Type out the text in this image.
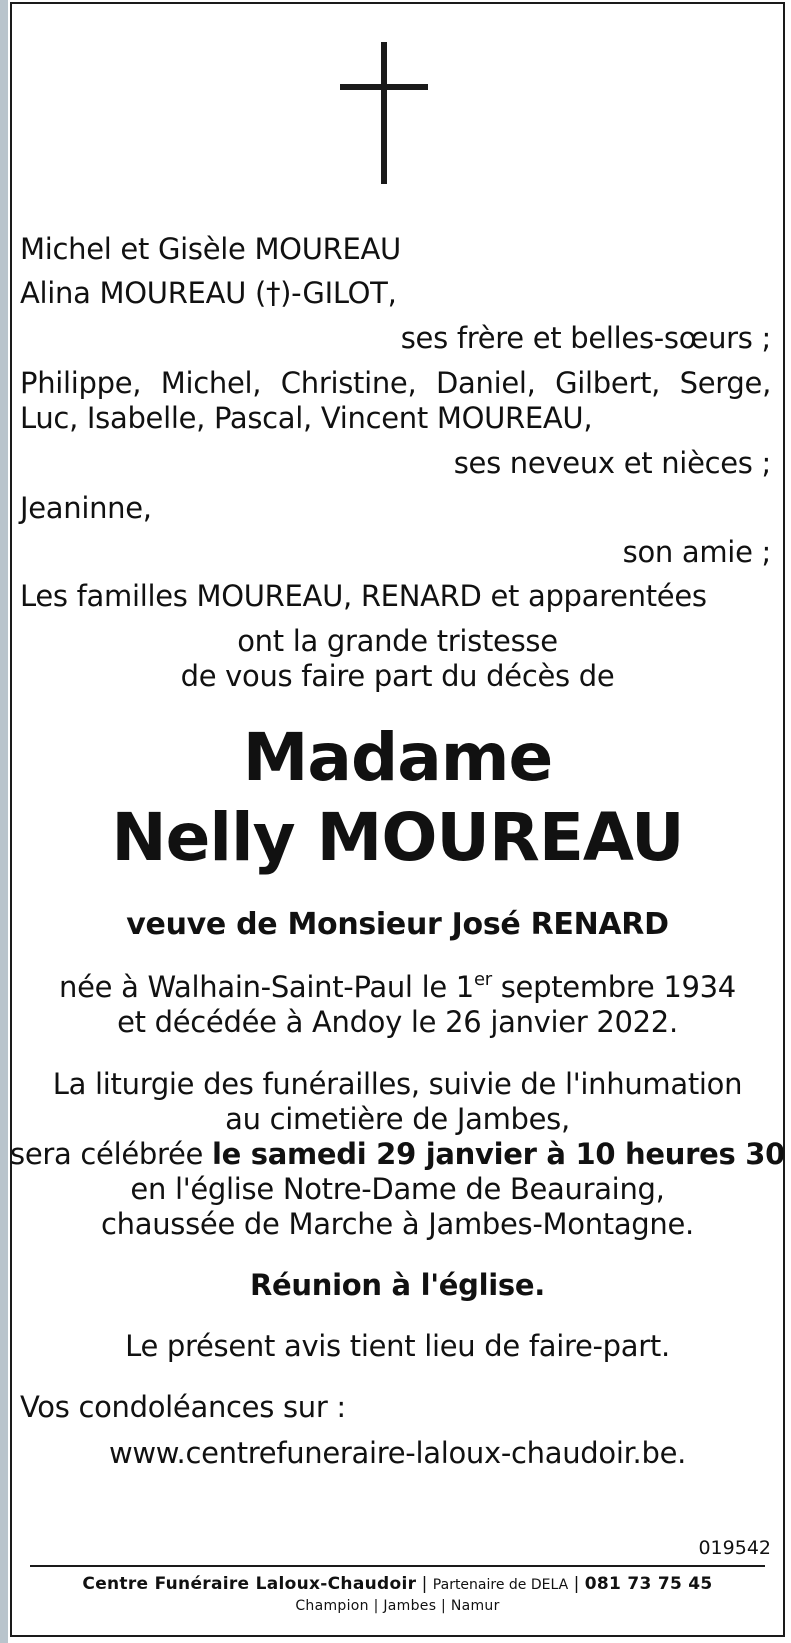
Michel et Gisèle MOUREAU
Alina MOUREAU (†)-GILOT,
ses frère et belles-sœurs ;
Philippe, Michel, Christine, Daniel, Gilbert, Serge,
Luc, Isabelle, Pascal, Vincent MOUREAU,
ses neveux et nièces ;
Jeaninne,
son amie ;
Les familles MOUREAU, RENARD et apparentées
ont la grande tristesse
de vous faire part du décès de
Madame
Nelly MOUREAU
veuve de Monsieur José RENARD
née à Walhain-Saint-Paul le 1er septembre 1934
et décédée à Andoy le 26 janvier 2022.
La liturgie des funérailles, suivie de l'inhumation
au cimetière de Jambes,
sera célébrée le samedi 29 janvier à 10 heures 30
en l'église Notre-Dame de Beauraing,
chaussée de Marche à Jambes-Montagne.
Réunion à l'église.
Le présent avis tient lieu de faire-part.
Vos condoléances sur :
www.centrefuneraire-laloux-chaudoir.be.
019542
Centre Funéraire Laloux-Chaudoir | Partenaire de DELA | 081 73 75 45
Champion | Jambes | Namur
